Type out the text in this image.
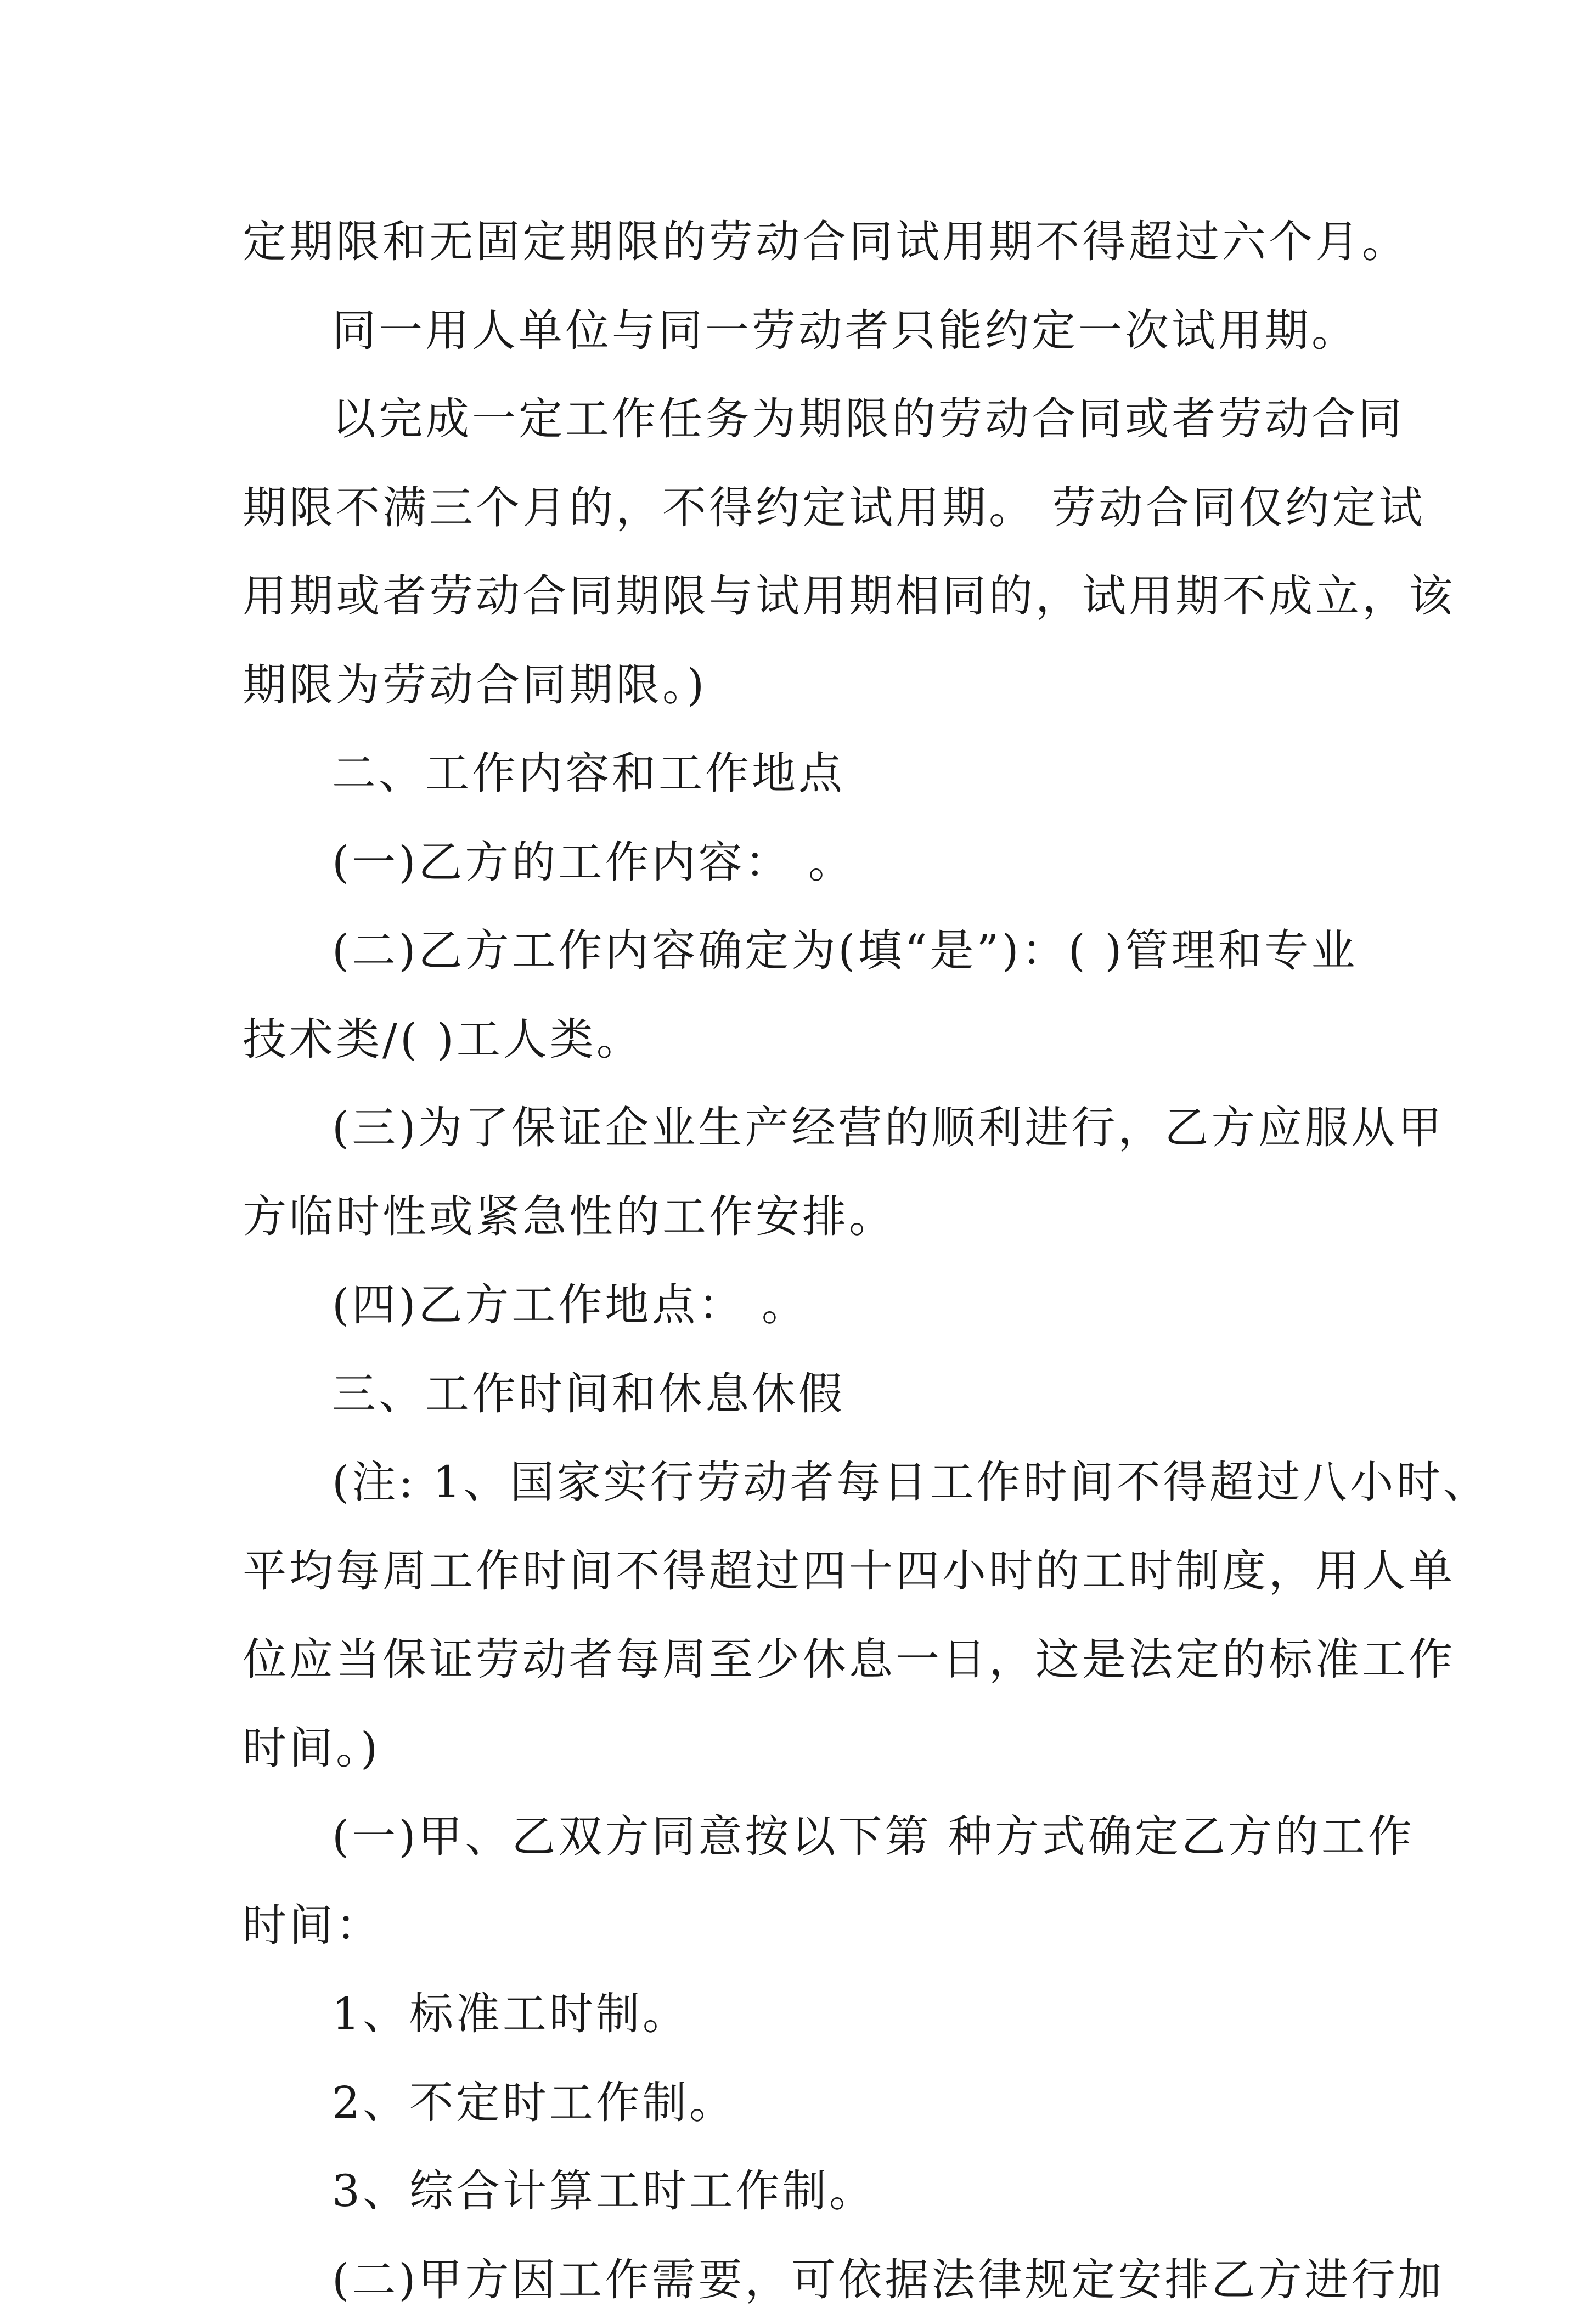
定期限和无固定期限的劳动合同试用期不得超过六个月。
同一用人单位与同一劳动者只能约定一次试用期。
以完成一定工作任务为期限的劳动合同或者劳动合同
期限不满三个月的，不得约定试用期。 劳动合同仅约定试
用期或者劳动合同期限与试用期相同的，试用期不成立，该
期限为劳动合同期限。)
二、工作内容和工作地点
(一)乙方的工作内容： 。
(二)乙方工作内容确定为(填“是”)：( )管理和专业
技术类/( )工人类。
(三)为了保证企业生产经营的顺利进行，乙方应服从甲
方临时性或紧急性的工作安排。
(四)乙方工作地点： 。
三、工作时间和休息休假
(注: 1、国家实行劳动者每日工作时间不得超过八小时、
平均每周工作时间不得超过四十四小时的工时制度，用人单
位应当保证劳动者每周至少休息一日，这是法定的标准工作
时间。)
(一)甲、乙双方同意按以下第 种方式确定乙方的工作
时间：
1、标准工时制。
2、不定时工作制。
3、综合计算工时工作制。
(二)甲方因工作需要，可依据法律规定安排乙方进行加
